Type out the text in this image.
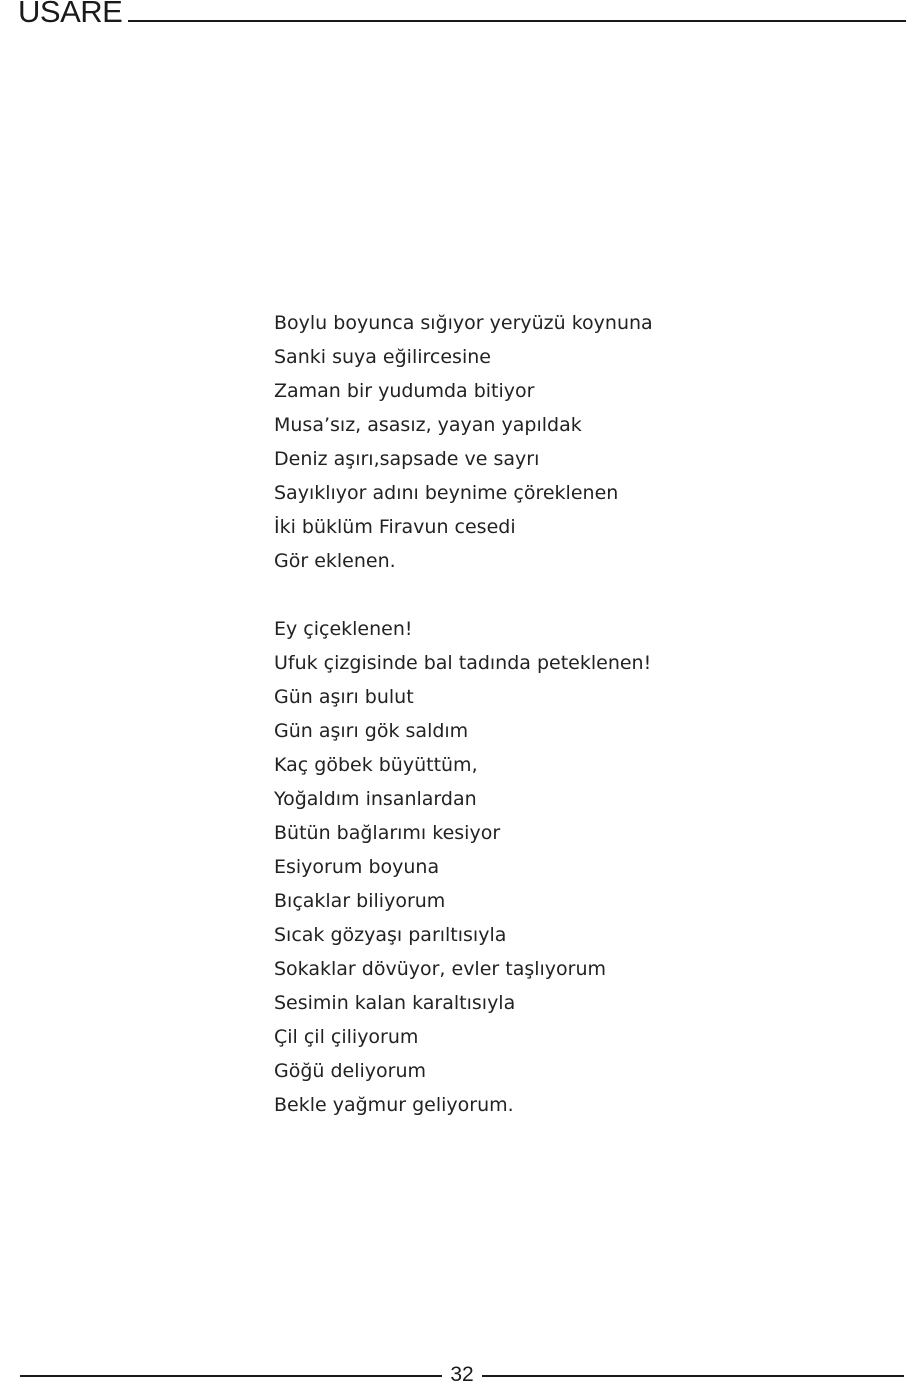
USARE
Boylu boyunca sığıyor yeryüzü koynuna
Sanki suya eğilircesine
Zaman bir yudumda bitiyor
Musa’sız, asasız, yayan yapıldak
Deniz aşırı,sapsade ve sayrı
Sayıklıyor adını beynime çöreklenen
İki büklüm Firavun cesedi
Gör eklenen.
Ey çiçeklenen!
Ufuk çizgisinde bal tadında peteklenen!
Gün aşırı bulut
Gün aşırı gök saldım
Kaç göbek büyüttüm,
Yoğaldım insanlardan
Bütün bağlarımı kesiyor
Esiyorum boyuna
Bıçaklar biliyorum
Sıcak gözyaşı parıltısıyla
Sokaklar dövüyor, evler taşlıyorum
Sesimin kalan karaltısıyla
Çil çil çiliyorum
Göğü deliyorum
Bekle yağmur geliyorum.
32
